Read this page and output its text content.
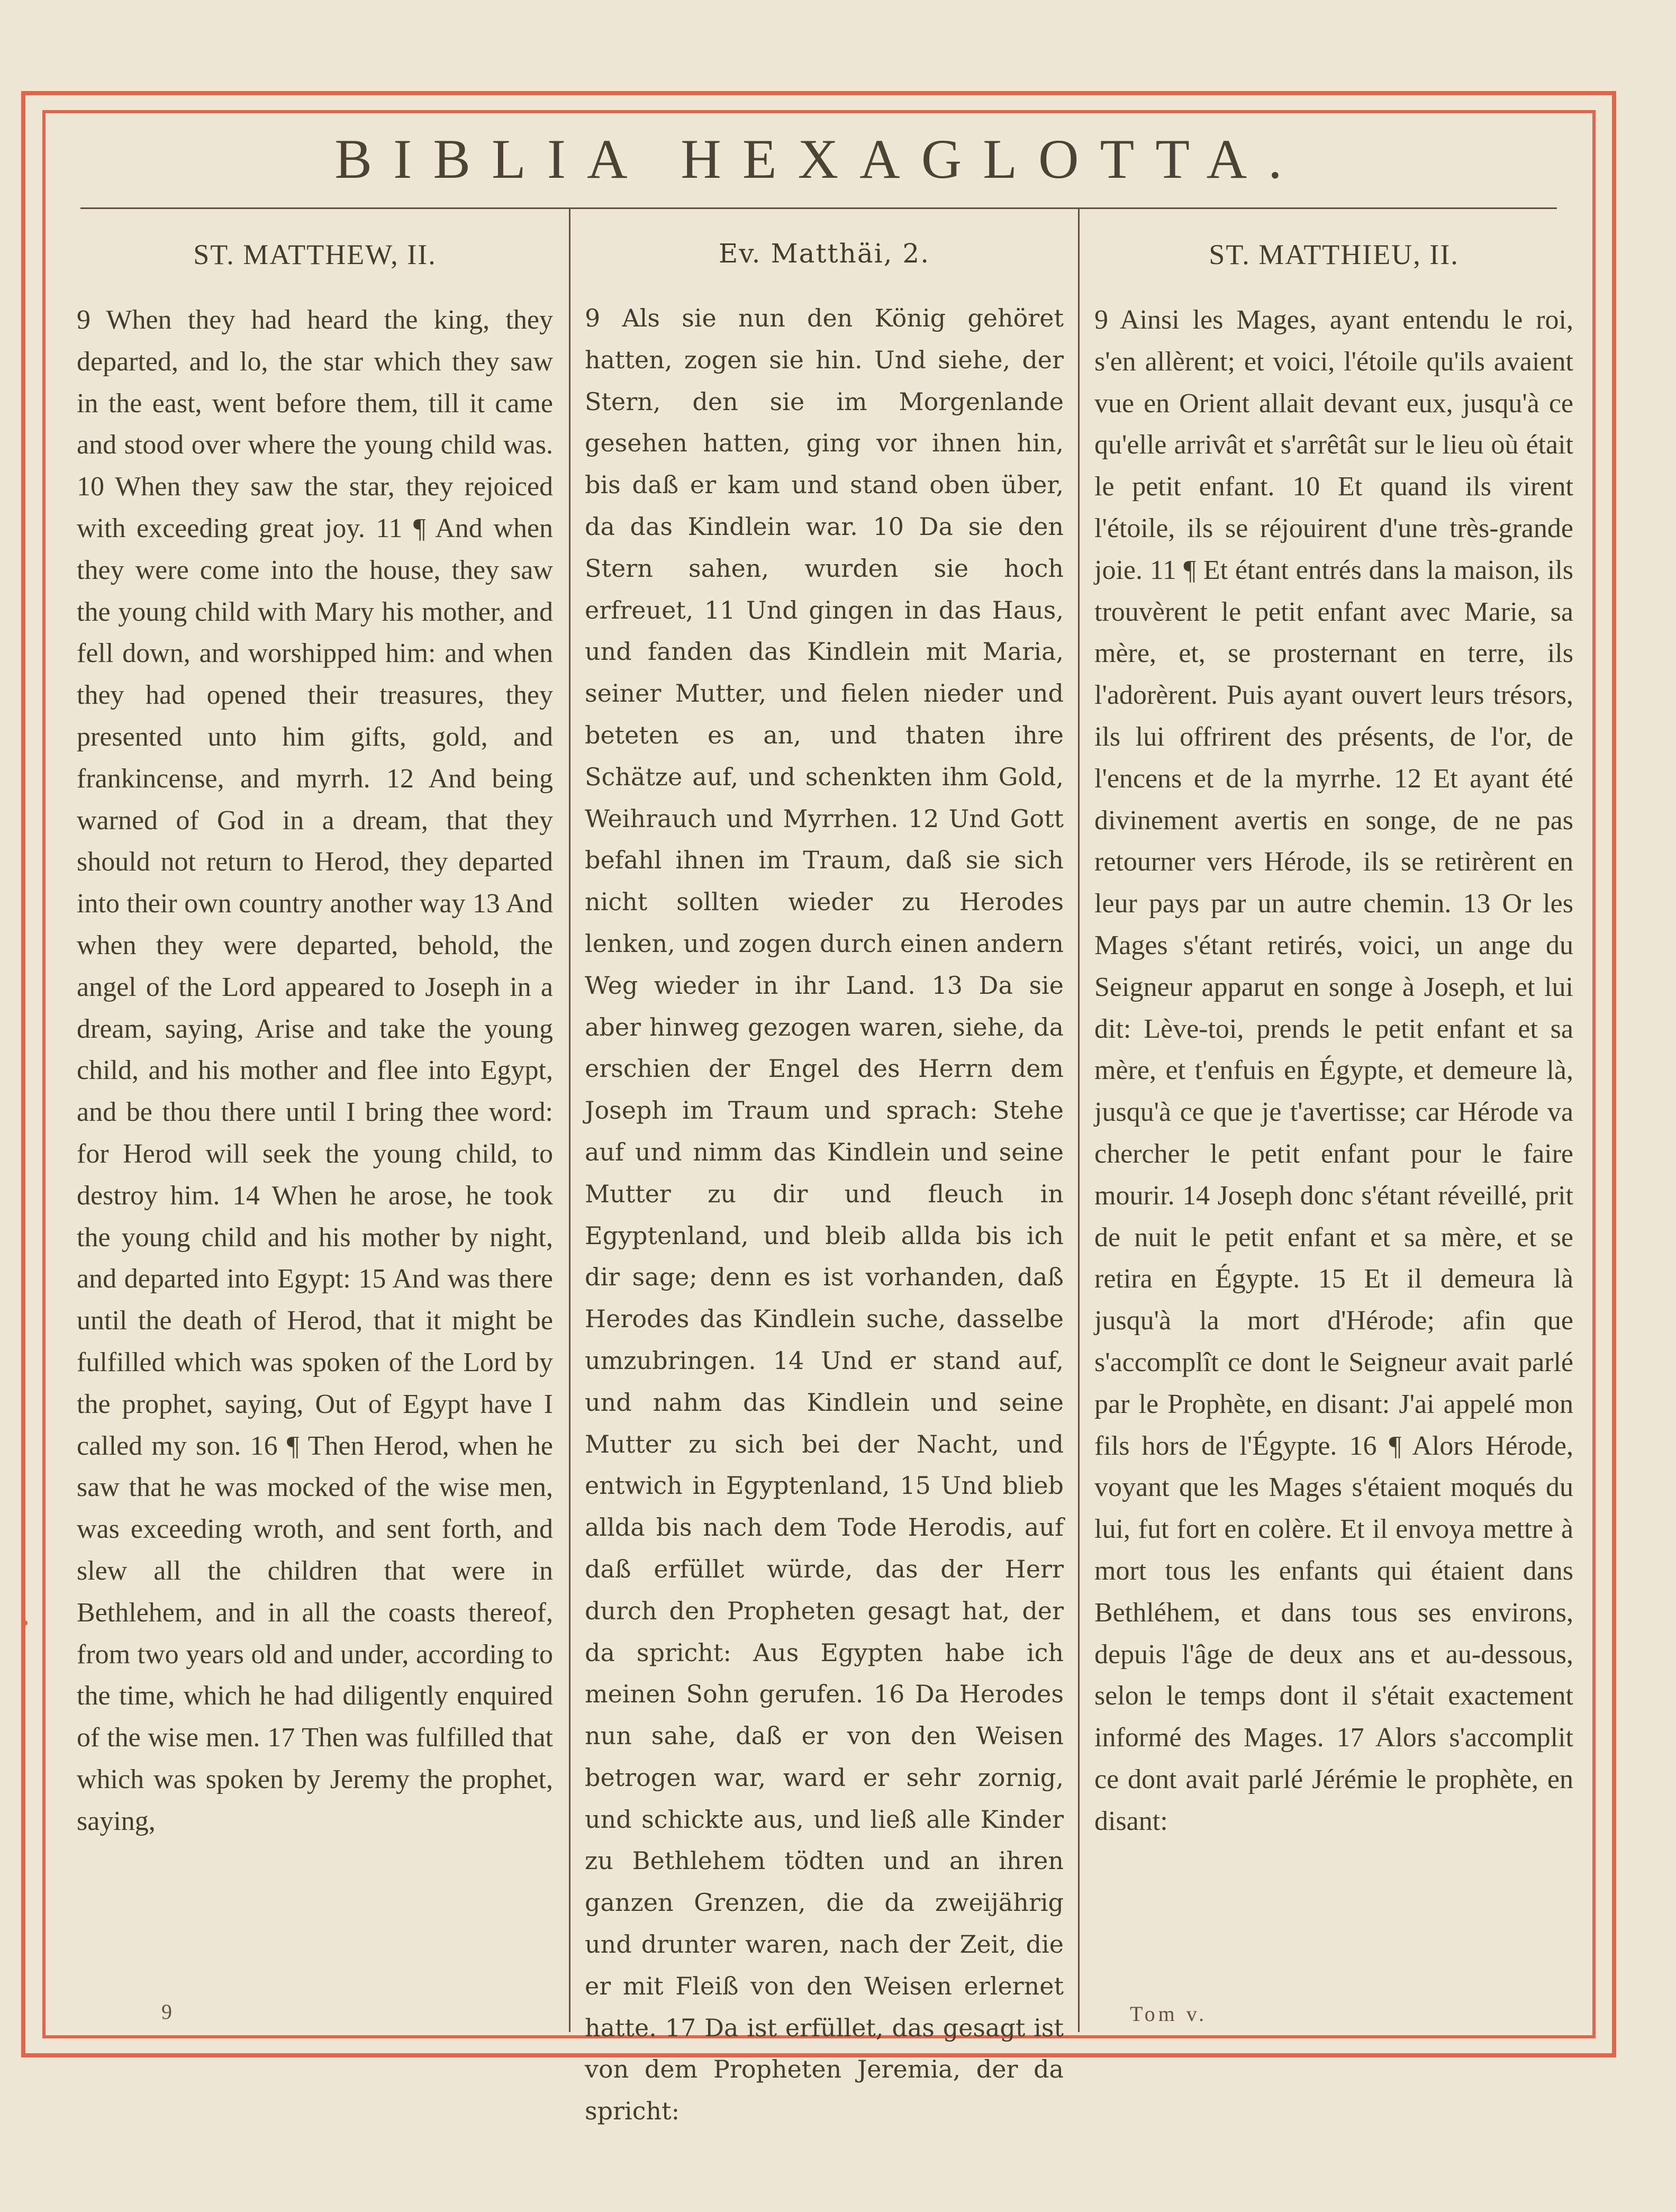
BIBLIA HEXAGLOTTA.
ST. MATTHEW, II.
9 When they had heard the king, they departed, and lo, the star which they saw in the east, went before them, till it came and stood over where the young child was. 10 When they saw the star, they rejoiced with exceeding great joy. 11 ¶ And when they were come into the house, they saw the young child with Mary his mother, and fell down, and worshipped him: and when they had opened their treasures, they presented unto him gifts, gold, and frankincense, and myrrh. 12 And being warned of God in a dream, that they should not return to Herod, they departed into their own country another way 13 And when they were departed, behold, the angel of the Lord appeared to Joseph in a dream, saying, Arise and take the young child, and his mother and flee into Egypt, and be thou there until I bring thee word: for Herod will seek the young child, to destroy him. 14 When he arose, he took the young child and his mother by night, and departed into Egypt: 15 And was there until the death of Herod, that it might be fulfilled which was spoken of the Lord by the prophet, saying, Out of Egypt have I called my son. 16 ¶ Then Herod, when he saw that he was mocked of the wise men, was exceeding wroth, and sent forth, and slew all the children that were in Bethlehem, and in all the coasts thereof, from two years old and under, according to the time, which he had diligently enquired of the wise men. 17 Then was fulfilled that which was spoken by Jeremy the prophet, saying,
Ev. Matthäi, 2.
9 Als sie nun den König gehöret hatten, zogen sie hin. Und siehe, der Stern, den sie im Morgenlande gesehen hatten, ging vor ihnen hin, bis daß er kam und stand oben über, da das Kindlein war. 10 Da sie den Stern sahen, wurden sie hoch erfreuet, 11 Und gingen in das Haus, und fanden das Kindlein mit Maria, seiner Mutter, und fielen nieder und beteten es an, und thaten ihre Schätze auf, und schenkten ihm Gold, Weihrauch und Myrrhen. 12 Und Gott befahl ihnen im Traum, daß sie sich nicht sollten wieder zu Herodes lenken, und zogen durch einen andern Weg wieder in ihr Land. 13 Da sie aber hinweg gezogen waren, siehe, da erschien der Engel des Herrn dem Joseph im Traum und sprach: Stehe auf und nimm das Kindlein und seine Mutter zu dir und fleuch in Egyptenland, und bleib allda bis ich dir sage; denn es ist vorhanden, daß Herodes das Kindlein suche, dasselbe umzubringen. 14 Und er stand auf, und nahm das Kindlein und seine Mutter zu sich bei der Nacht, und entwich in Egyptenland, 15 Und blieb allda bis nach dem Tode Herodis, auf daß erfüllet würde, das der Herr durch den Propheten gesagt hat, der da spricht: Aus Egypten habe ich meinen Sohn gerufen. 16 Da Herodes nun sahe, daß er von den Weisen betrogen war, ward er sehr zornig, und schickte aus, und ließ alle Kinder zu Bethlehem tödten und an ihren ganzen Grenzen, die da zweijährig und drunter waren, nach der Zeit, die er mit Fleiß von den Weisen erlernet hatte. 17 Da ist erfüllet, das gesagt ist von dem Propheten Jeremia, der da spricht:
ST. MATTHIEU, II.
9 Ainsi les Mages, ayant entendu le roi, s'en allèrent; et voici, l'étoile qu'ils avaient vue en Orient allait devant eux, jusqu'à ce qu'elle arrivât et s'arrêtât sur le lieu où était le petit enfant. 10 Et quand ils virent l'étoile, ils se réjouirent d'une très-grande joie. 11 ¶ Et étant entrés dans la maison, ils trouvèrent le petit enfant avec Marie, sa mère, et, se prosternant en terre, ils l'adorèrent. Puis ayant ouvert leurs trésors, ils lui offrirent des présents, de l'or, de l'encens et de la myrrhe. 12 Et ayant été divinement avertis en songe, de ne pas retourner vers Hérode, ils se retirèrent en leur pays par un autre chemin. 13 Or les Mages s'étant retirés, voici, un ange du Seigneur apparut en songe à Joseph, et lui dit: Lève-toi, prends le petit enfant et sa mère, et t'enfuis en Égypte, et demeure là, jusqu'à ce que je t'avertisse; car Hérode va chercher le petit enfant pour le faire mourir. 14 Joseph donc s'étant réveillé, prit de nuit le petit enfant et sa mère, et se retira en Égypte. 15 Et il demeura là jusqu'à la mort d'Hérode; afin que s'accomplît ce dont le Seigneur avait parlé par le Prophète, en disant: J'ai appelé mon fils hors de l'Égypte. 16 ¶ Alors Hérode, voyant que les Mages s'étaient moqués du lui, fut fort en colère. Et il envoya mettre à mort tous les enfants qui étaient dans Bethléhem, et dans tous ses environs, depuis l'âge de deux ans et au-dessous, selon le temps dont il s'était exactement informé des Mages. 17 Alors s'accomplit ce dont avait parlé Jérémie le prophète, en disant:
9	Tom v.
